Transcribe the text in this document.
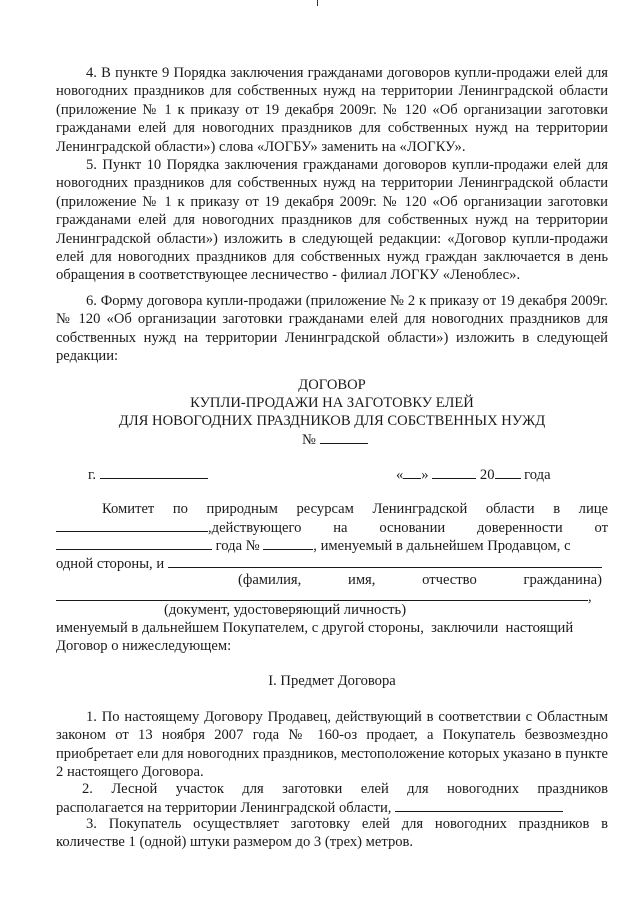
4. В пункте 9 Порядка заключения гражданами договоров купли-продажи елей для новогодних праздников для собственных нужд на территории Ленинградской области (приложение № 1 к приказу от 19 декабря 2009г. № 120 «Об организации заготовки гражданами елей для новогодних праздников для собственных нужд на территории Ленинградской области») слова «ЛОГБУ» заменить на «ЛОГКУ».

5. Пункт 10 Порядка заключения гражданами договоров купли-продажи елей для новогодних праздников для собственных нужд на территории Ленинградской области (приложение № 1 к приказу от 19 декабря 2009г. № 120 «Об организации заготовки гражданами елей для новогодних праздников для собственных нужд на территории Ленинградской области») изложить в следующей редакции: «Договор купли-продажи елей для новогодних праздников для собственных нужд граждан заключается в день обращения в соответствующее лесничество - филиал ЛОГКУ «Леноблес».

6. Форму договора купли-продажи (приложение № 2 к приказу от 19 декабря 2009г. № 120 «Об организации заготовки гражданами елей для новогодних праздников для собственных нужд на территории Ленинградской области») изложить в следующей редакции:

ДОГОВОР

КУПЛИ-ПРОДАЖИ НА ЗАГОТОВКУ ЕЛЕЙ

ДЛЯ НОВОГОДНИХ ПРАЗДНИКОВ ДЛЯ СОБСТВЕННЫХ НУЖД

№
г.	« »	20 года
Комитет по природным ресурсам Ленинградской области в лице
,действующего на основании доверенности от
года №	, именуемый в дальнейшем Продавцом, с
одной стороны, и
(фамилия,	имя,	отчество	гражданина)
,
(документ, удостоверяющий личность)
именуемый в дальнейшем Покупателем, с другой стороны,  заключили  настоящий
Договор о нижеследующем:

I. Предмет Договора

1. По настоящему Договору Продавец, действующий в соответствии с Областным законом от 13 ноября 2007 года № 160-оз продает, а Покупатель безвозмездно приобретает ели для новогодних праздников, местоположение которых указано в пункте 2 настоящего Договора.

2. Лесной участок для заготовки елей для новогодних праздников
располагается на территории Ленинградской области,

3. Покупатель осуществляет заготовку елей для новогодних праздников в количестве 1 (одной) штуки размером до 3 (трех) метров.
